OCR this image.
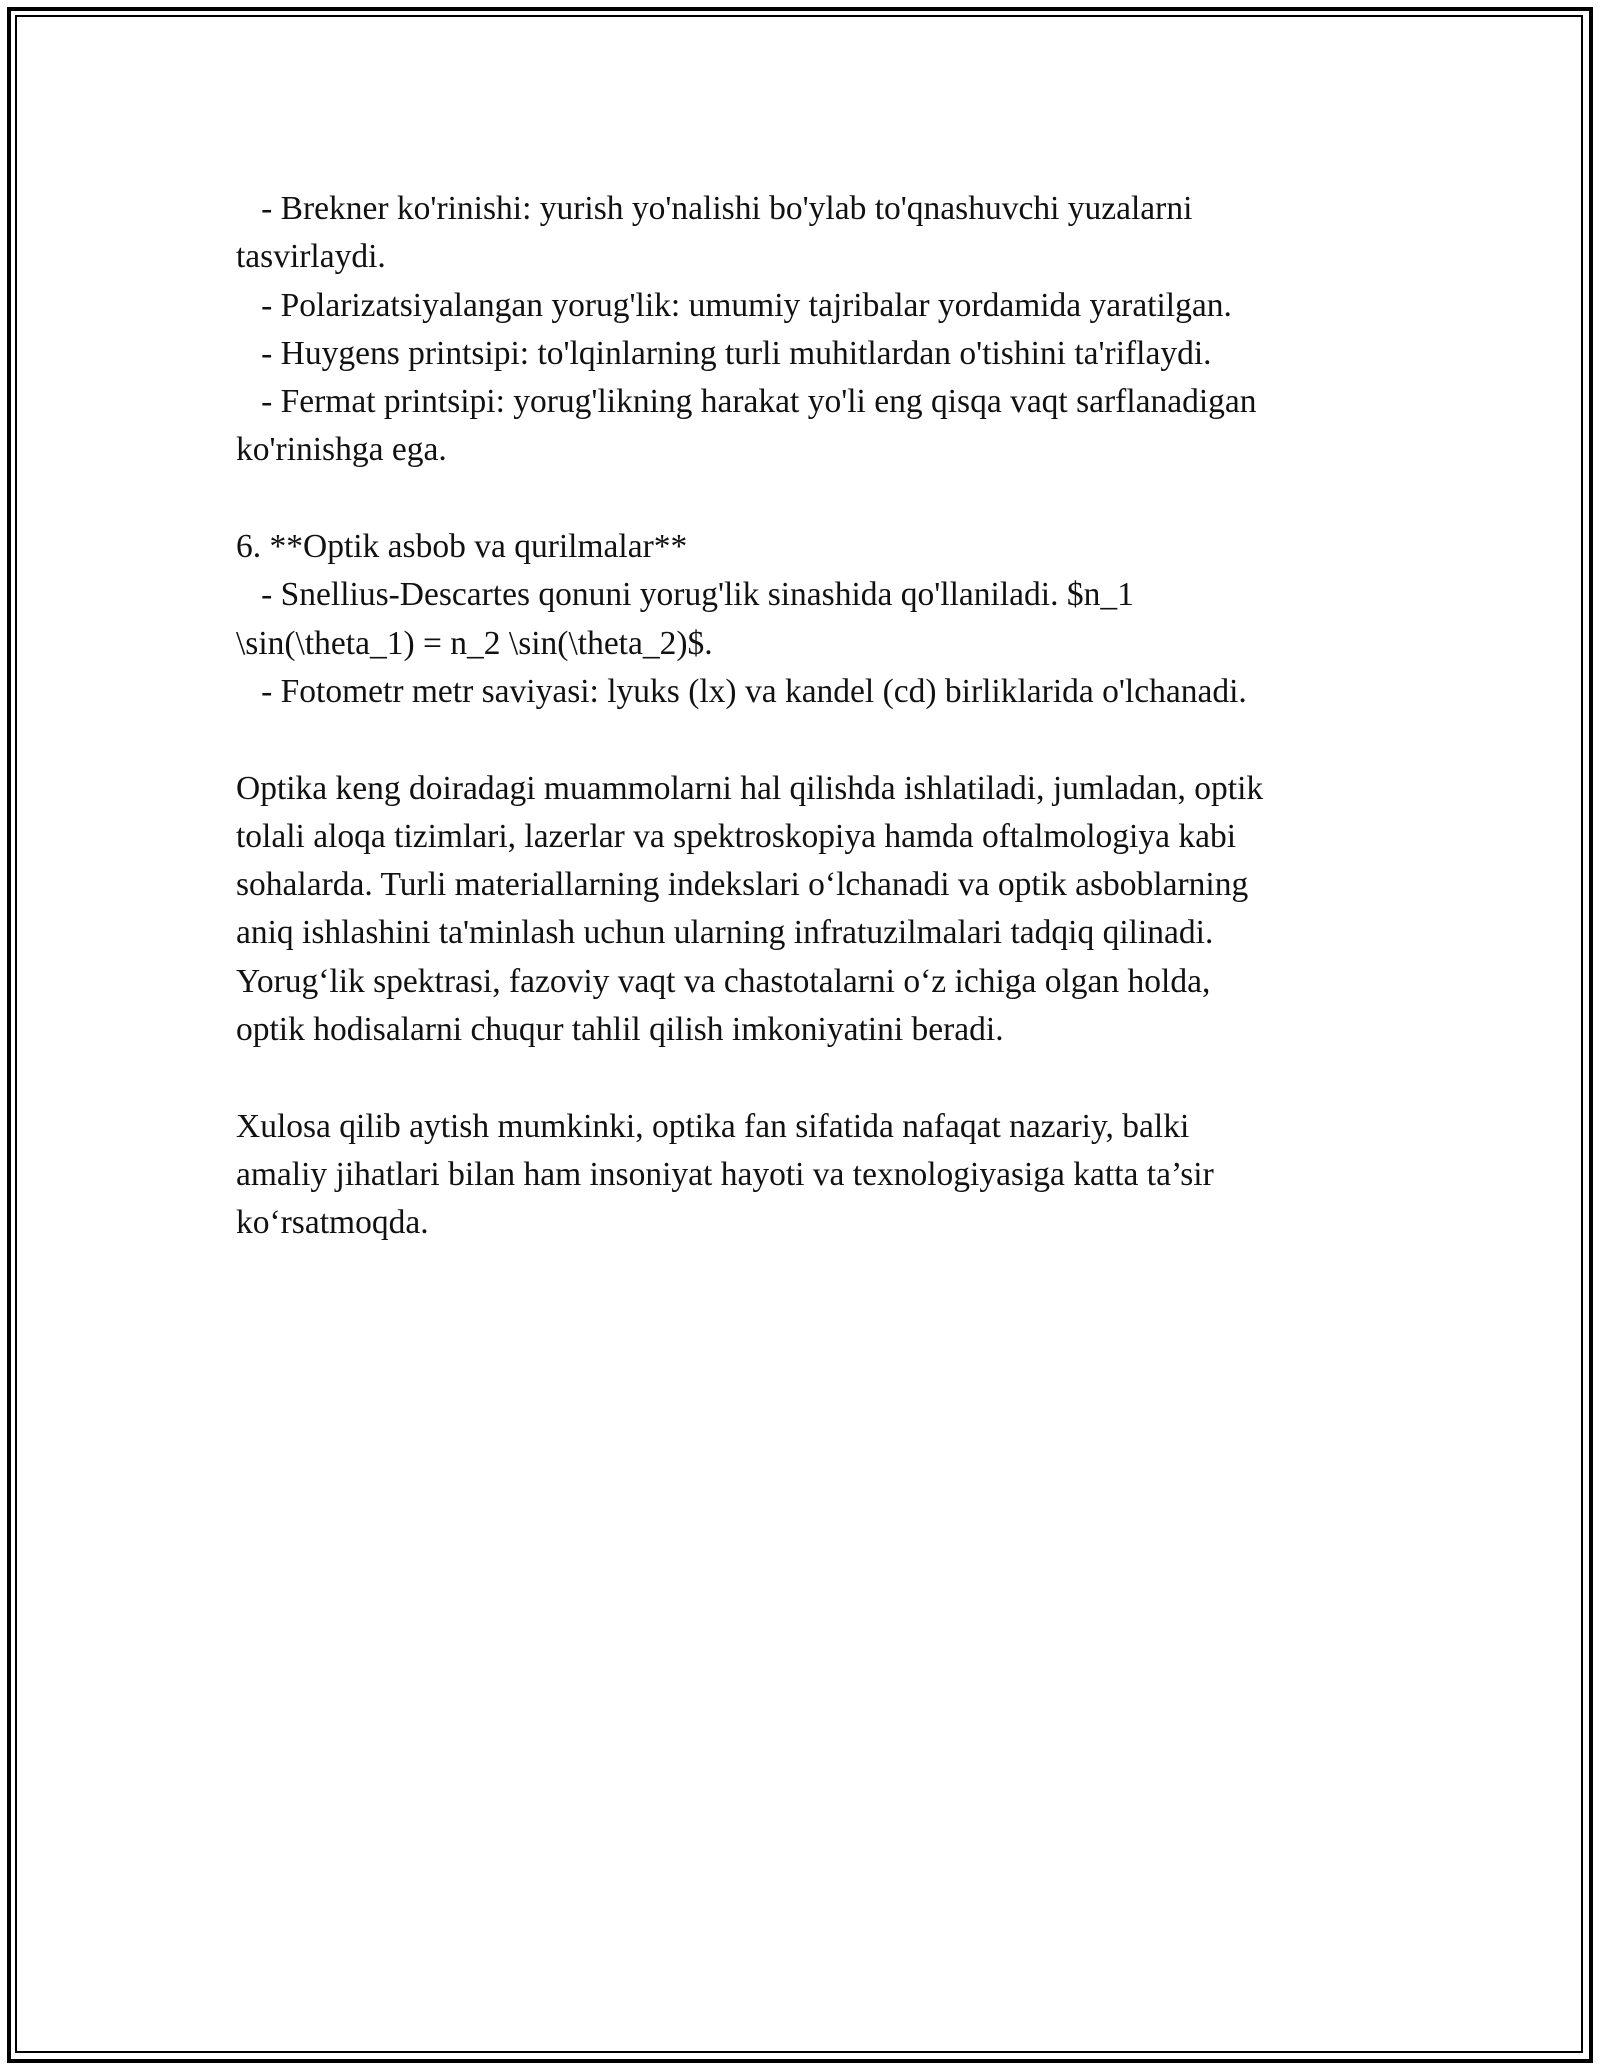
- Brekner ko'rinishi: yurish yo'nalishi bo'ylab to'qnashuvchi yuzalarni
tasvirlaydi.
- Polarizatsiyalangan yorug'lik: umumiy tajribalar yordamida yaratilgan.
- Huygens printsipi: to'lqinlarning turli muhitlardan o'tishini ta'riflaydi.
- Fermat printsipi: yorug'likning harakat yo'li eng qisqa vaqt sarflanadigan
ko'rinishga ega.
6. **Optik asbob va qurilmalar**
- Snellius-Descartes qonuni yorug'lik sinashida qo'llaniladi. $n_1
\sin(\theta_1) = n_2 \sin(\theta_2)$.
- Fotometr metr saviyasi: lyuks (lx) va kandel (cd) birliklarida o'lchanadi.
Optika keng doiradagi muammolarni hal qilishda ishlatiladi, jumladan, optik
tolali aloqa tizimlari, lazerlar va spektroskopiya hamda oftalmologiya kabi
sohalarda. Turli materiallarning indekslari o‘lchanadi va optik asboblarning
aniq ishlashini ta'minlash uchun ularning infratuzilmalari tadqiq qilinadi.
Yorug‘lik spektrasi, fazoviy vaqt va chastotalarni o‘z ichiga olgan holda,
optik hodisalarni chuqur tahlil qilish imkoniyatini beradi.
Xulosa qilib aytish mumkinki, optika fan sifatida nafaqat nazariy, balki
amaliy jihatlari bilan ham insoniyat hayoti va texnologiyasiga katta ta’sir
ko‘rsatmoqda.
